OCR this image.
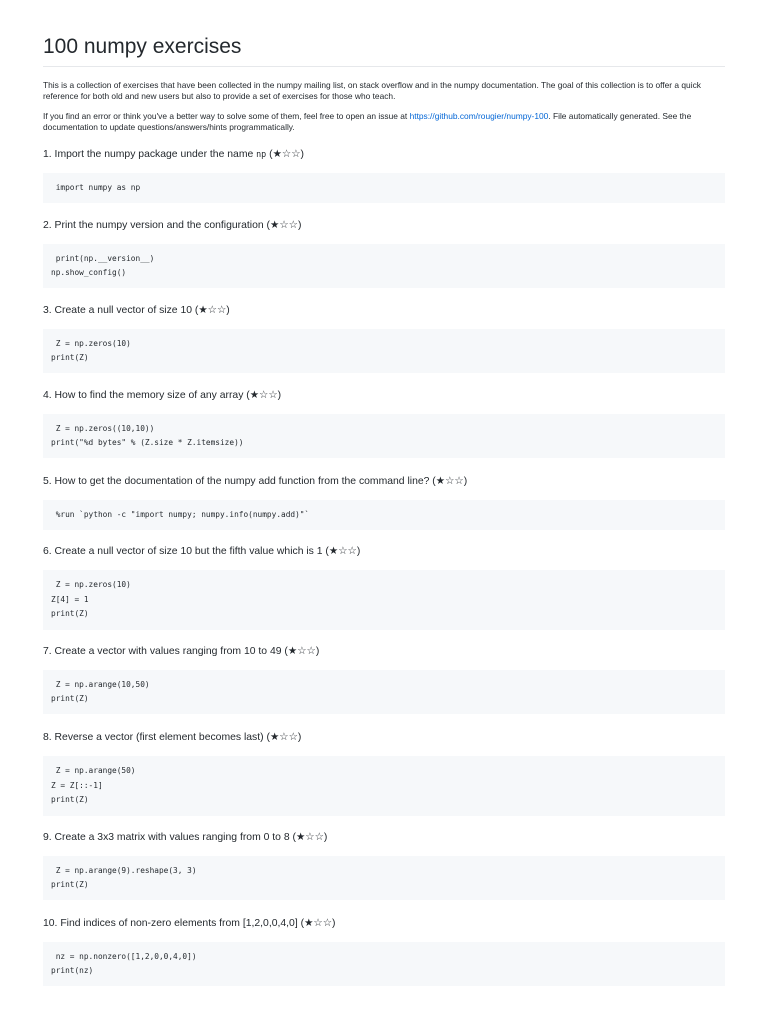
100 numpy exercises

This is a collection of exercises that have been collected in the numpy mailing list, on stack overflow and in the numpy documentation. The goal of this collection is to offer a quick reference for both old and new users but also to provide a set of exercises for those who teach.

If you find an error or think you've a better way to solve some of them, feel free to open an issue at https://github.com/rougier/numpy-100. File automatically generated. See the documentation to update questions/answers/hints programmatically.

1. Import the numpy package under the name np (★☆☆)
import numpy as np
2. Print the numpy version and the configuration (★☆☆)
print(np.__version__)
np.show_config()
3. Create a null vector of size 10 (★☆☆)
Z = np.zeros(10)
print(Z)
4. How to find the memory size of any array (★☆☆)
Z = np.zeros((10,10))
print("%d bytes" % (Z.size * Z.itemsize))
5. How to get the documentation of the numpy add function from the command line? (★☆☆)
%run `python -c "import numpy; numpy.info(numpy.add)"`
6. Create a null vector of size 10 but the fifth value which is 1 (★☆☆)
Z = np.zeros(10)
Z[4] = 1
print(Z)
7. Create a vector with values ranging from 10 to 49 (★☆☆)
Z = np.arange(10,50)
print(Z)
8. Reverse a vector (first element becomes last) (★☆☆)
Z = np.arange(50)
Z = Z[::-1]
print(Z)
9. Create a 3x3 matrix with values ranging from 0 to 8 (★☆☆)
Z = np.arange(9).reshape(3, 3)
print(Z)
10. Find indices of non-zero elements from [1,2,0,0,4,0] (★☆☆)
nz = np.nonzero([1,2,0,0,4,0])
print(nz)
